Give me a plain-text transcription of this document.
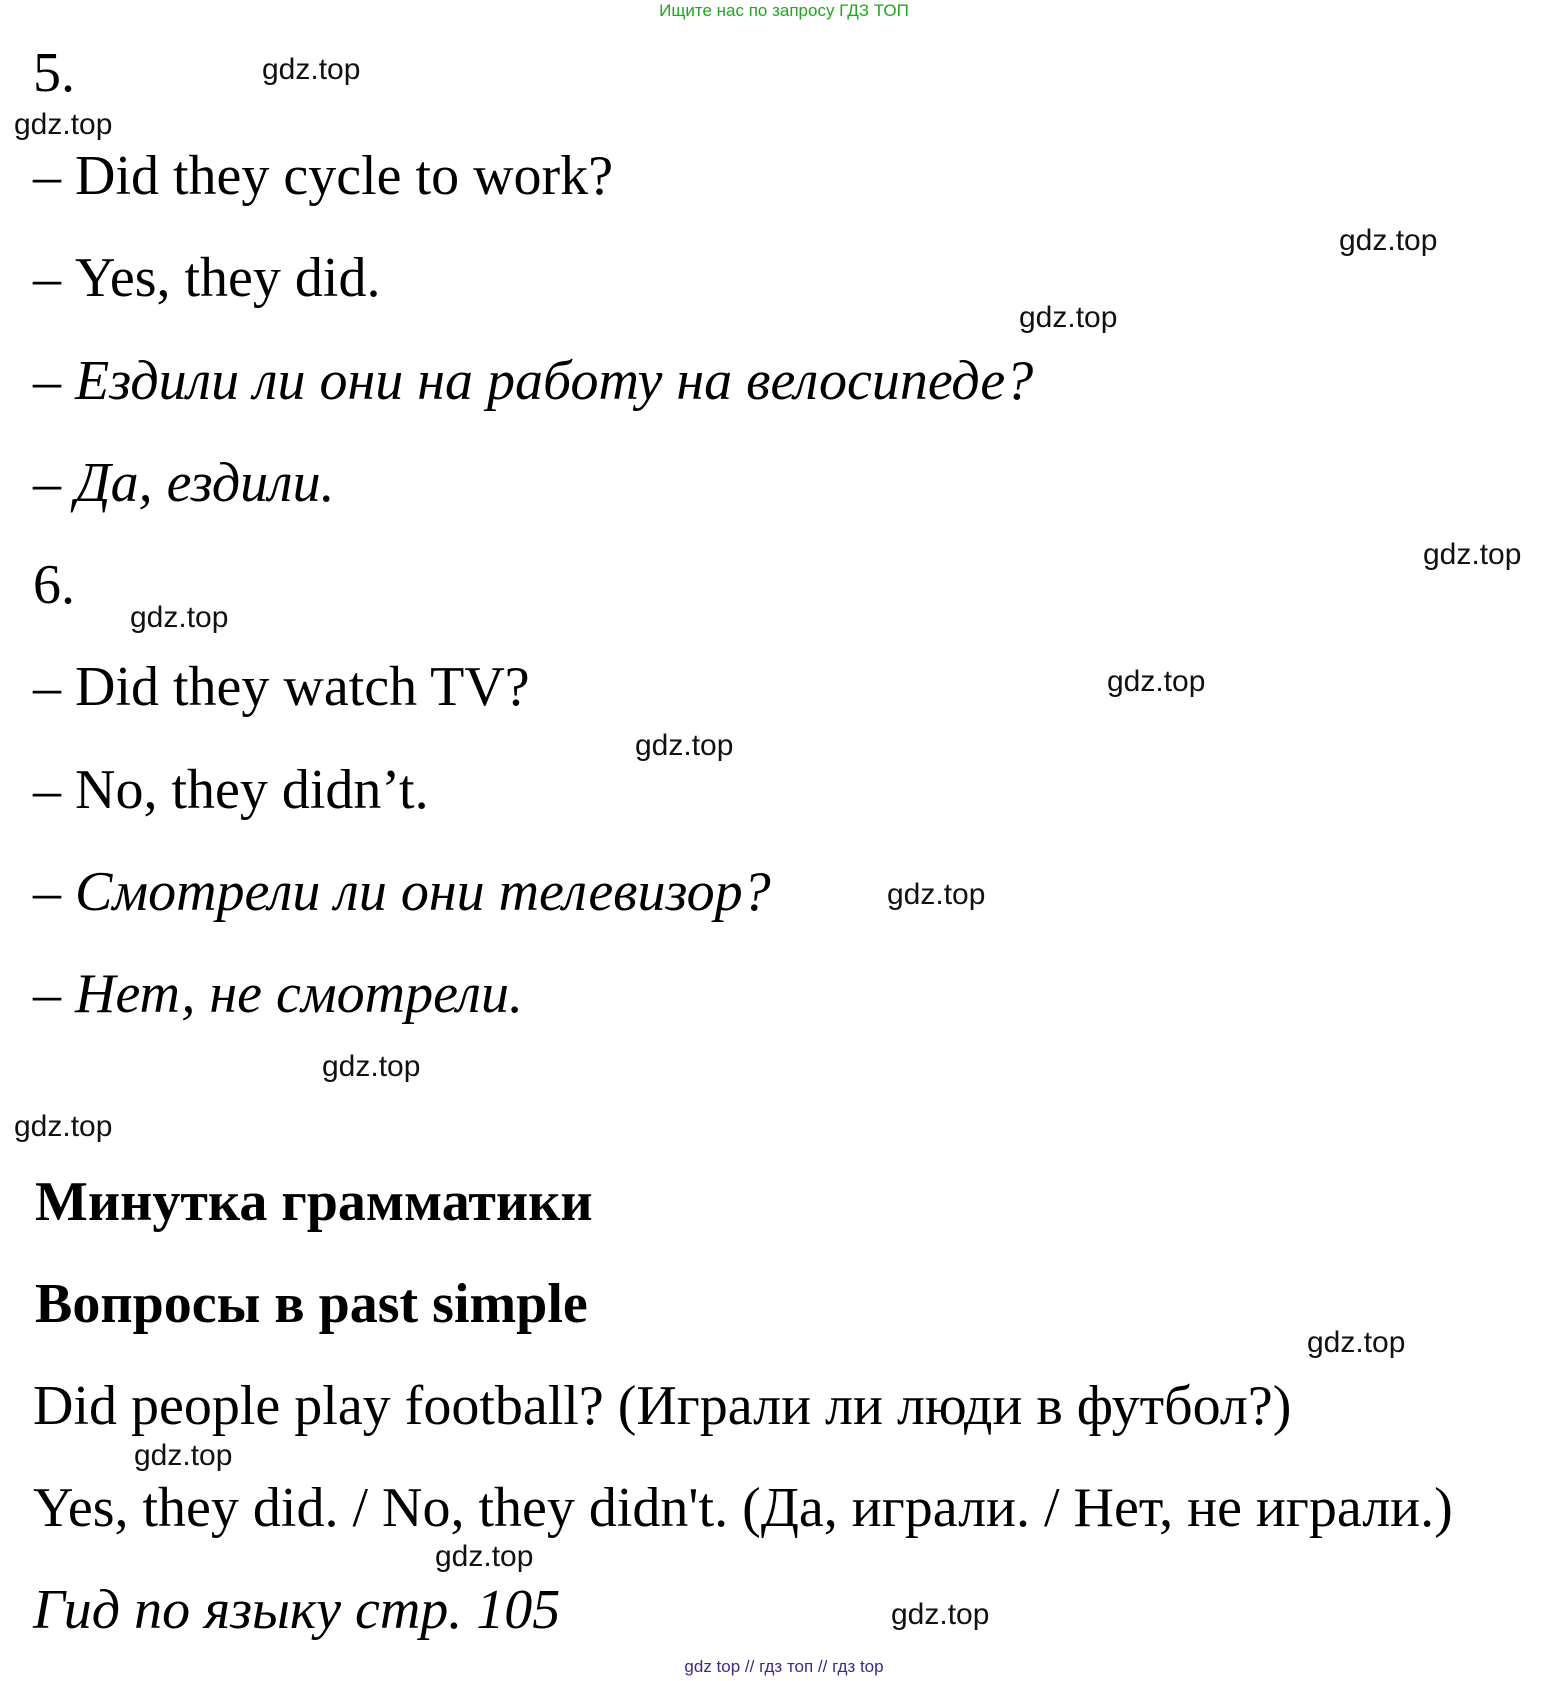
Ищите нас по запросу ГДЗ ТОП
gdz.top
gdz.top
gdz.top
gdz.top
gdz.top
gdz.top
gdz.top
gdz.top
gdz.top
gdz.top
gdz.top
gdz.top
gdz.top
gdz.top
gdz.top
5.
– Did they cycle to work?
– Yes, they did.
– Ездили ли они на работу на велосипеде?
– Да, ездили.
6.
– Did they watch TV?
– No, they didn’t.
– Смотрели ли они телевизор?
– Нет, не смотрели.
Минутка грамматики
Вопросы в past simple
Did people play football? (Играли ли люди в футбол?)
Yes, they did. / No, they didn't. (Да, играли. / Нет, не играли.)
Гид по языку стр. 105
gdz top // гдз топ // гдз top
